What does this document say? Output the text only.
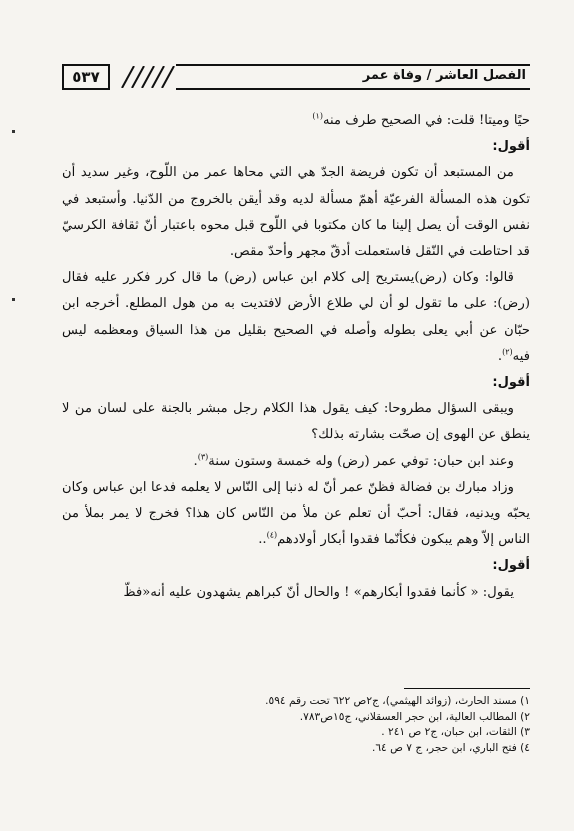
٥٣٧	الفصل العاشر / وفاة عمر

حيًا وميتا! قلت: في الصحيح طرف منه$^{(١)}$

أقول:

من المستبعد أن تكون فريضة الجدّ هي التي محاها عمر من اللّوح، وغير سديد أن تكون هذه المسألة الفرعيّة أهمّ مسألة لديه وقد أيقن بالخروج من الدّنيا. وأستبعد في نفس الوقت أن يصل إلينا ما كان مكتوبا في اللّوح قبل محوه باعتبار أنّ ثقافة الكرسيّ قد احتاطت في النّقل فاستعملت أدقّ مجهر وأحدّ مقص.

قالوا: وكان (رض)يستريح إلى كلام ابن عباس (رض) ما قال كرر فكرر عليه فقال (رض): على ما تقول لو أن لي طلاع الأرض لافتديت به من هول المطلع. أخرجه ابن حبّان عن أبي يعلى بطوله وأصله في الصحيح بقليل من هذا السياق ومعظمه ليس فيه$^{(٢)}$.

أقول:

ويبقى السؤال مطروحا: كيف يقول هذا الكلام رجل مبشر بالجنة على لسان من لا ينطق عن الهوى إن صحّت بشارته بذلك؟

وعند ابن حبان: توفي عمر (رض) وله خمسة وستون سنة$^{(٣)}$.

وزاد مبارك بن فضالة فظنّ عمر أنّ له ذنبا إلى النّاس لا يعلمه فدعا ابن عباس وكان يحبّه ويدنيه، فقال: أحبّ أن تعلم عن ملأ من النّاس كان هذا؟ فخرج لا يمر بملأ من الناس إلاّ وهم يبكون فكأنّما فقدوا أبكار أولادهم$^{(٤)}$..

أقول:

يقول: « كأنما فقدوا أبكارهم» ! والحال أنّ كبراهم يشهدون عليه أنه«فظّ

١) مسند الحارث، (زوائد الهيثمي)، ج٢ص ٦٢٢ تحت رقم ٥٩٤.
٢) المطالب العالية، ابن حجر العسقلاني، ج١٥ص٧٨٣.
٣) الثقات، ابن حبان، ج٢ ص ٢٤١ .
٤) فتح الباري، ابن حجر، ج ٧ ص ٦٤.
